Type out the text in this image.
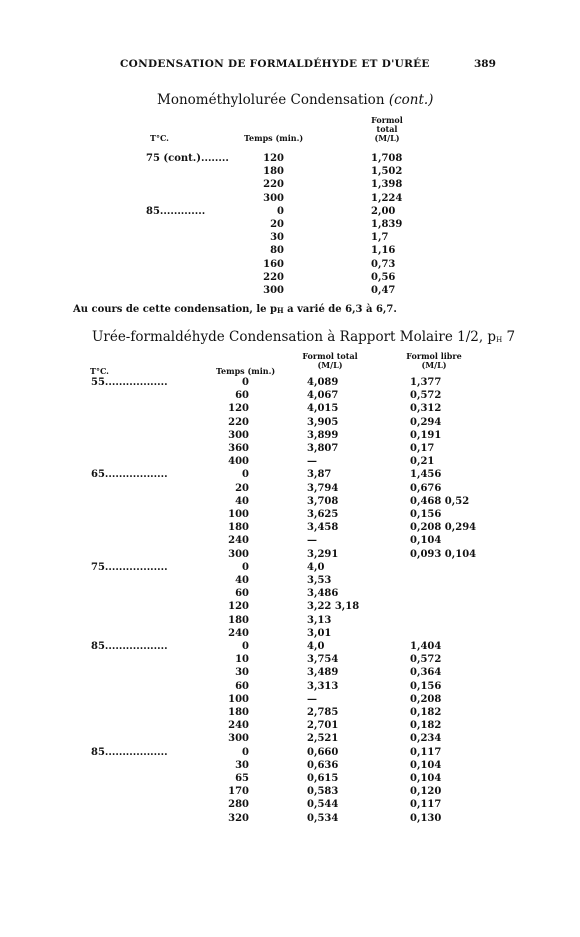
CONDENSATION DE FORMALDÉHYDE ET D'URÉE	389
Monométhylolurée Condensation (cont.)
T°C.	Temps (min.)
Formol
total
(M/L)
75 (cont.)........	120	1,708
180	1,502
220	1,398
300	1,224
85.............	0	2,00
20	1,839
30	1,7
80	1,16
160	0,73
220	0,56
300	0,47
Au cours de cette condensation, le $p_H$ a varié de 6,3 à 6,7.
Urée-formaldéhyde Condensation à Rapport Molaire 1/2, $p_H$ 7
T°C.	Temps (min.)
Formol total
(M/L)
Formol libre
(M/L)
55..................	0	4,089	1,377
60	4,067	0,572
120	4,015	0,312
220	3,905	0,294
300	3,899	0,191
360	3,807	0,17
400	—	0,21
65..................	0	3,87	1,456
20	3,794	0,676
40	3,708	0,468 0,52
100	3,625	0,156
180	3,458	0,208 0,294
240	—	0,104
300	3,291	0,093 0,104
75..................	0	4,0
40	3,53
60	3,486
120	3,22 3,18
180	3,13
240	3,01
85..................	0	4,0	1,404
10	3,754	0,572
30	3,489	0,364
60	3,313	0,156
100	—	0,208
180	2,785	0,182
240	2,701	0,182
300	2,521	0,234
85..................	0	0,660	0,117
30	0,636	0,104
65	0,615	0,104
170	0,583	0,120
280	0,544	0,117
320	0,534	0,130
